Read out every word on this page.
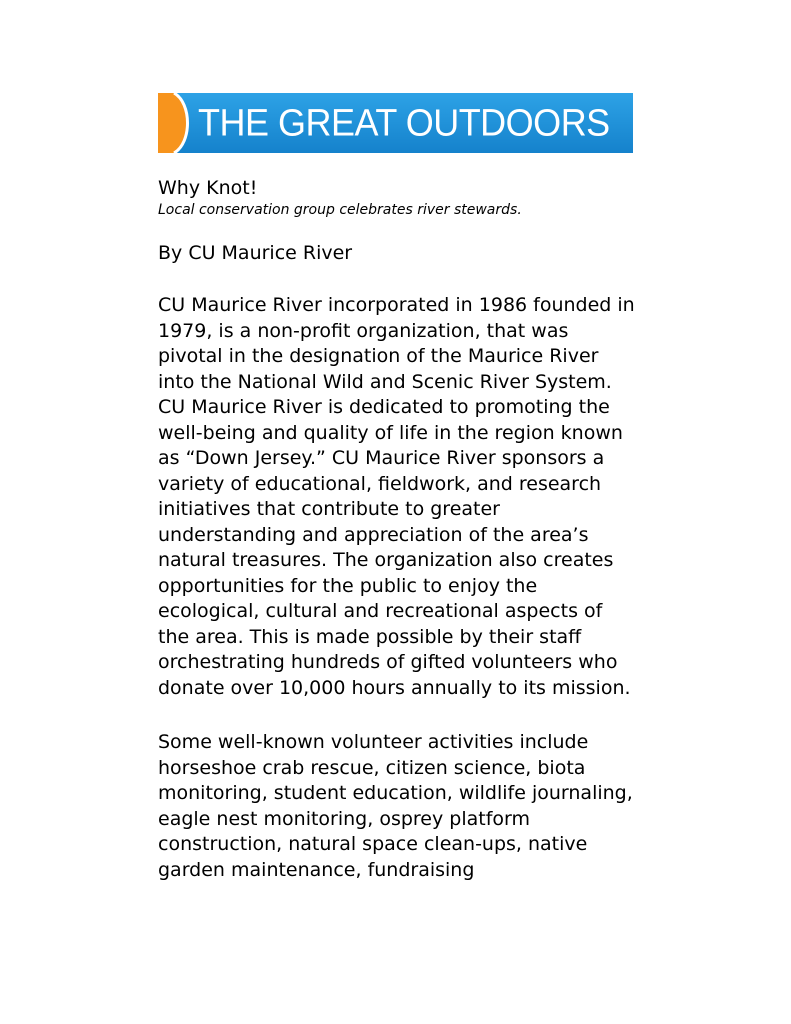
THE GREAT OUTDOORS
Why Knot!
Local conservation group celebrates river stewards.
By CU Maurice River

CU Maurice River incorporated in 1986 founded in 1979, is a non-profit organization, that was pivotal in the designation of the Maurice River into the National Wild and Scenic River System. CU Maurice River is dedicated to promoting the well-being and quality of life in the region known as “Down Jersey.” CU Maurice River sponsors a variety of educational, fieldwork, and research initiatives that contribute to greater understanding and appreciation of the area’s natural treasures. The organization also creates opportunities for the public to enjoy the ecological, cultural and recreational aspects of the area. This is made possible by their staff orchestrating hundreds of gifted volunteers who donate over 10,000 hours annually to its mission.

Some well-known volunteer activities include horseshoe crab rescue, citizen science, biota monitoring, student education, wildlife journaling, eagle nest monitoring, osprey platform construction, natural space clean-ups, native garden maintenance, fundraising
